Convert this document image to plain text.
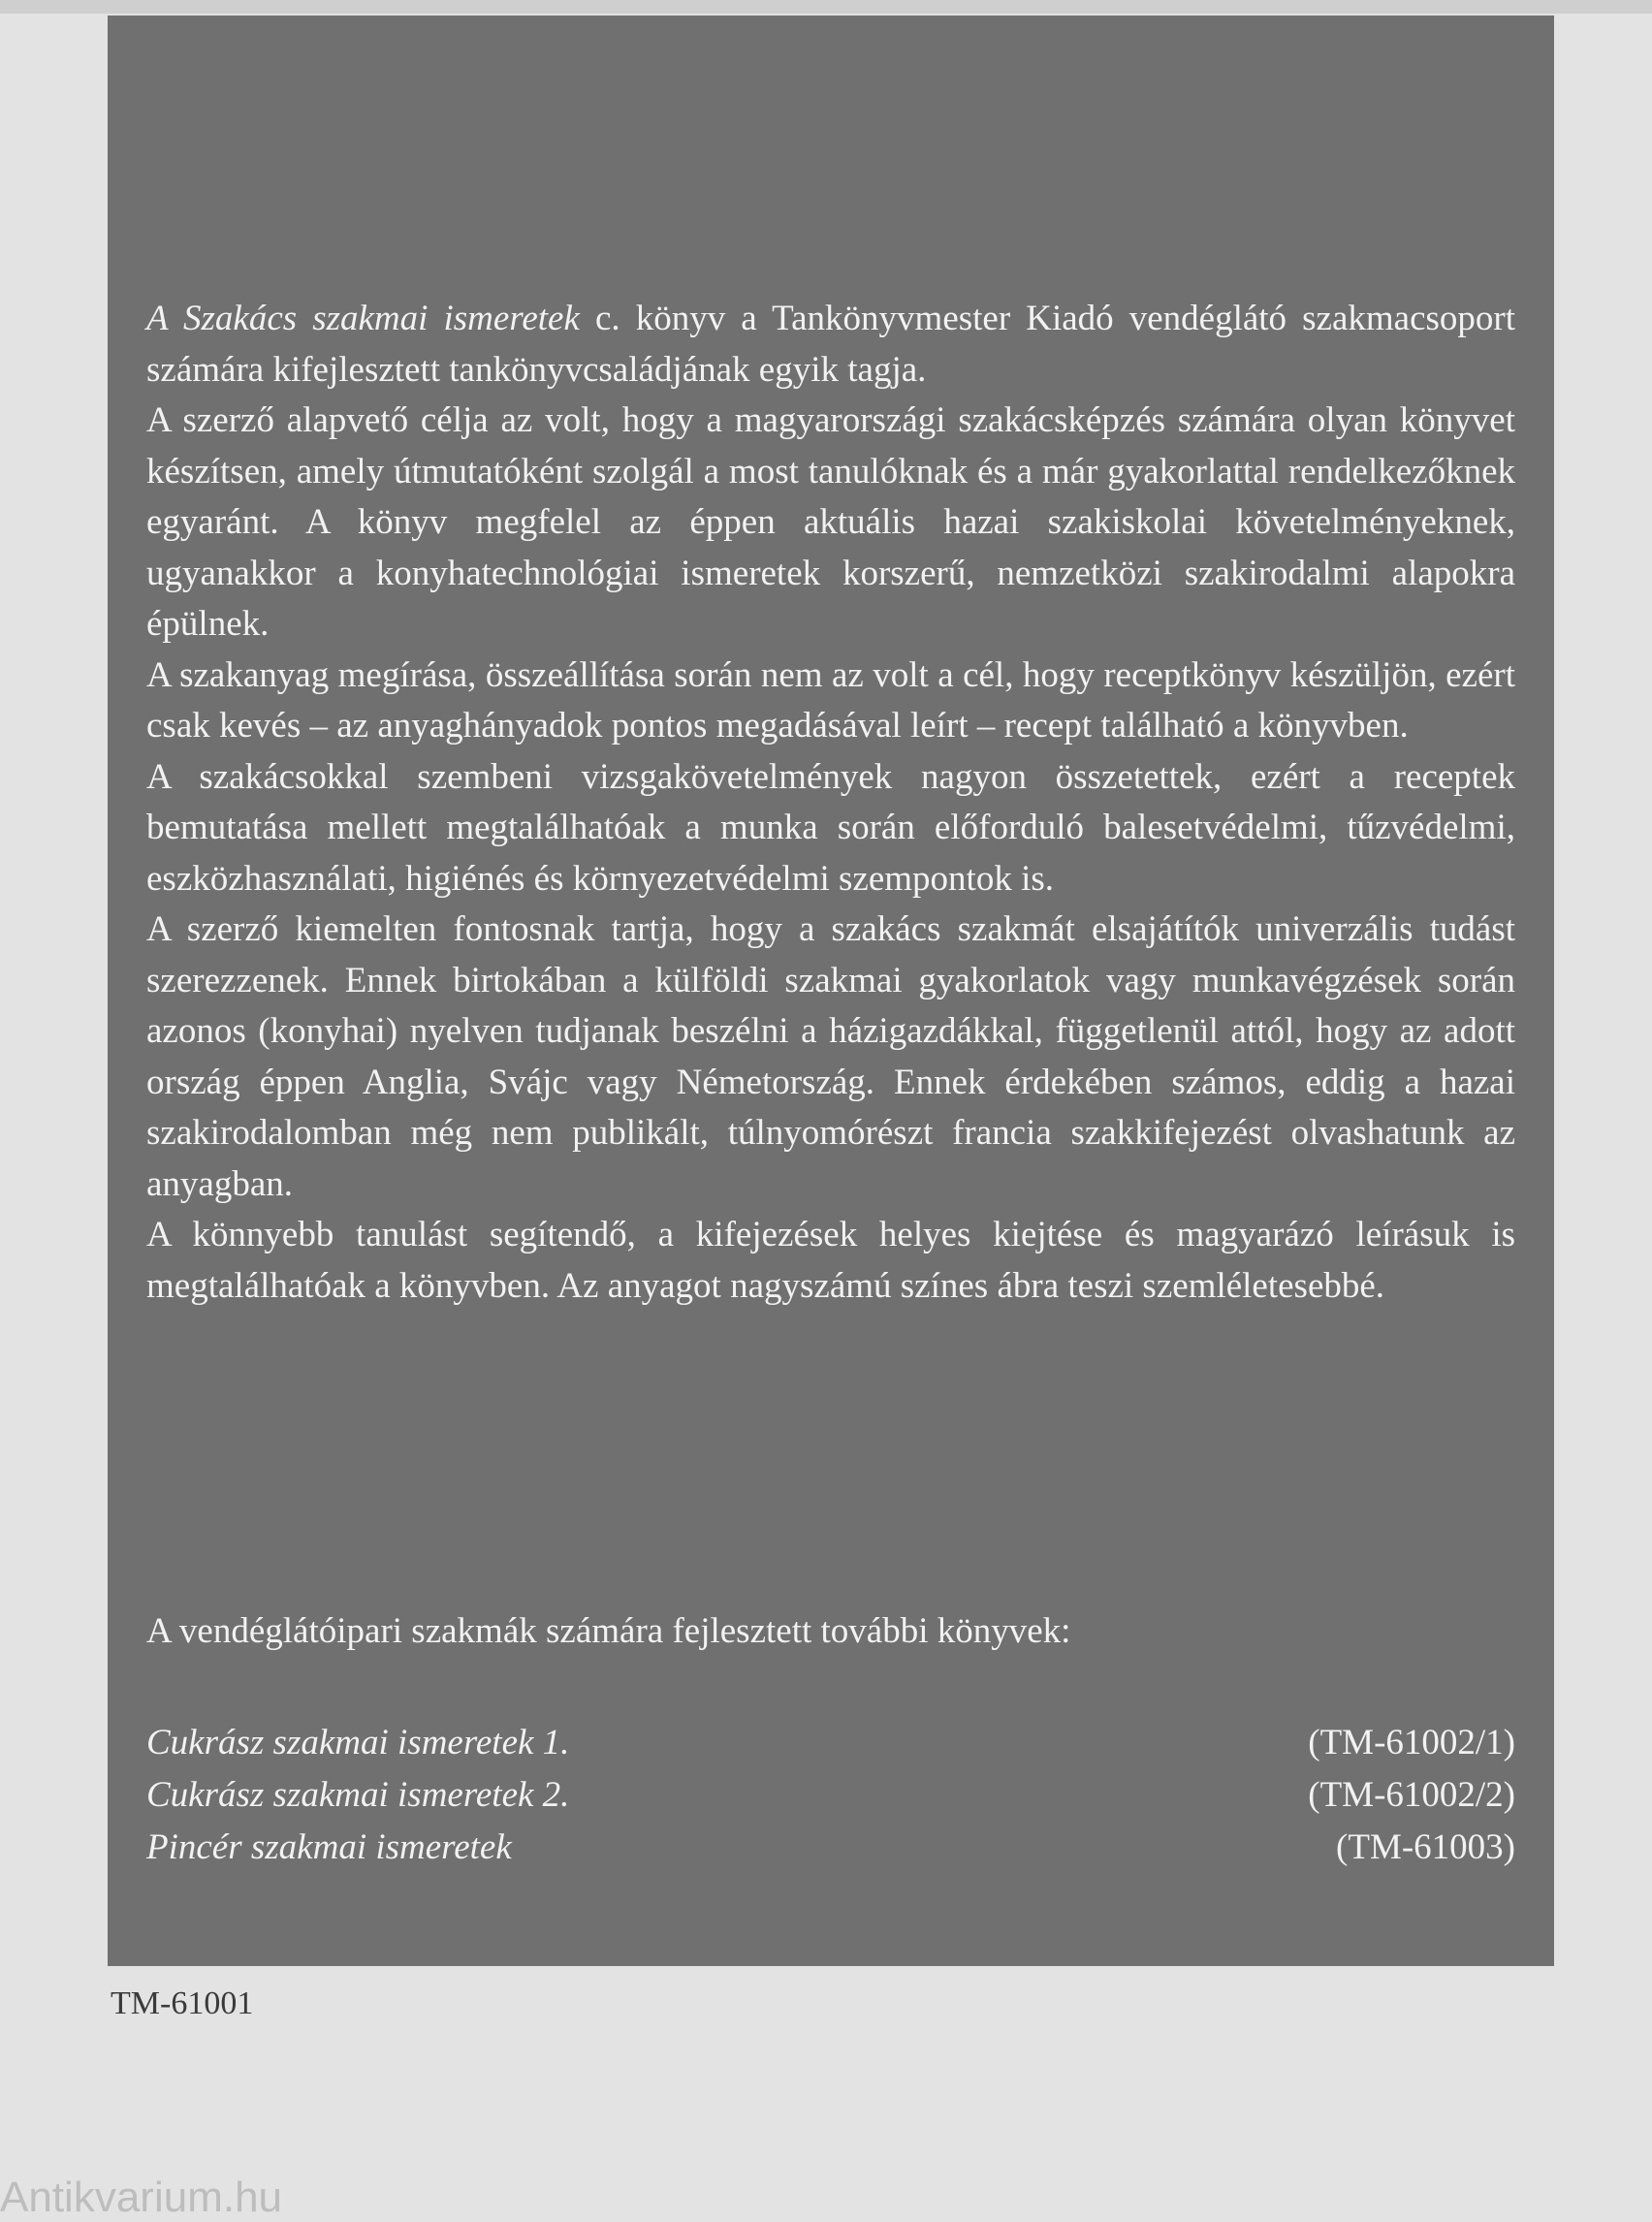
A Szakács szakmai ismeretek c. könyv a Tankönyvmester Kiadó vendéglátó szakmacsoport számára kifejlesztett tankönyvcsaládjának egyik tagja.

A szerző alapvető célja az volt, hogy a magyarországi szakácsképzés számára olyan könyvet készítsen, amely útmutatóként szolgál a most tanulóknak és a már gyakorlattal rendelkezőknek egyaránt. A könyv megfelel az éppen aktuális hazai szakiskolai követelményeknek, ugyanakkor a konyhatechnológiai ismeretek korszerű, nemzetközi szakirodalmi alapokra épülnek.

A szakanyag megírása, összeállítása során nem az volt a cél, hogy receptkönyv készüljön, ezért csak kevés – az anyaghányadok pontos megadásával leírt – recept található a könyvben.

A szakácsokkal szembeni vizsgakövetelmények nagyon összetettek, ezért a receptek bemutatása mellett megtalálhatóak a munka során előforduló balesetvédelmi, tűzvédelmi, eszközhasználati, higiénés és környezetvédelmi szempontok is.

A szerző kiemelten fontosnak tartja, hogy a szakács szakmát elsajátítók univerzális tudást szerezzenek. Ennek birtokában a külföldi szakmai gyakorlatok vagy munkavégzések során azonos (konyhai) nyelven tudjanak beszélni a házigazdákkal, függetlenül attól, hogy az adott ország éppen Anglia, Svájc vagy Németország. Ennek érdekében számos, eddig a hazai szakirodalomban még nem publikált, túlnyomórészt francia szakkifejezést olvashatunk az anyagban.

A könnyebb tanulást segítendő, a kifejezések helyes kiejtése és magyarázó leírásuk is megtalálhatóak a könyvben. Az anyagot nagyszámú színes ábra teszi szemléletesebbé.

A vendéglátóipari szakmák számára fejlesztett további könyvek:

Cukrász szakmai ismeretek 1.	(TM-61002/1)
Cukrász szakmai ismeretek 2.	(TM-61002/2)
Pincér szakmai ismeretek	(TM-61003)
TM-61001
Antikvarium.hu
